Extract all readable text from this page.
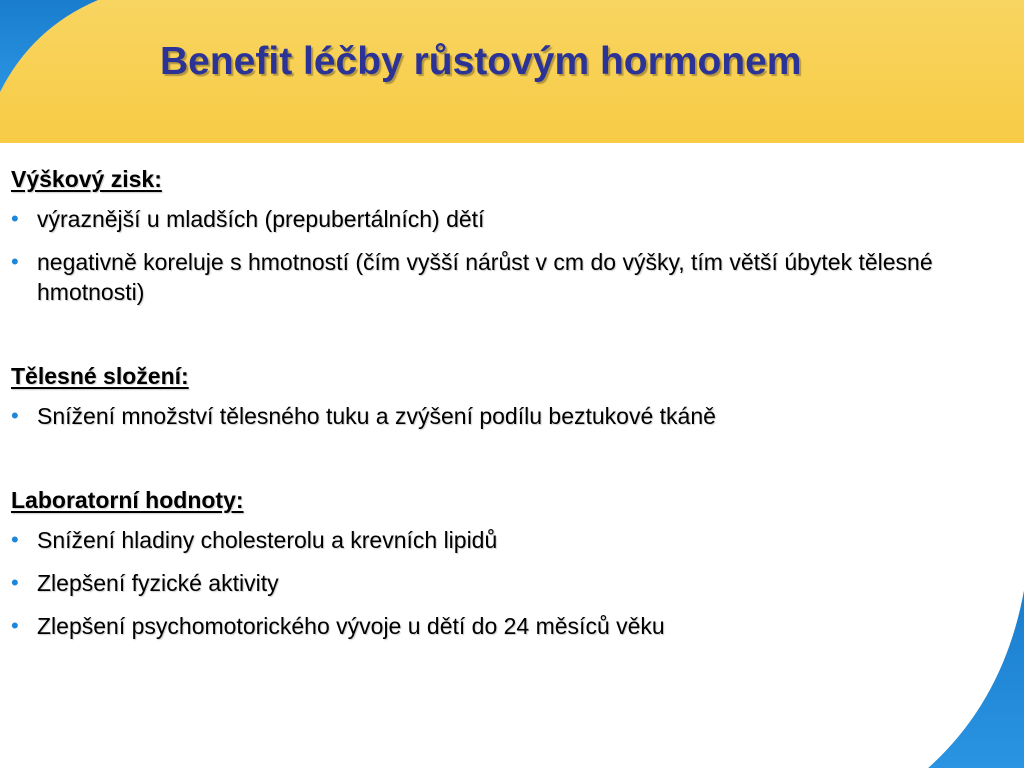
Benefit léčby růstovým hormonem
Výškový zisk:
• výraznější u mladších (prepubertálních) dětí
• negativně koreluje s hmotností (čím vyšší nárůst v cm do výšky, tím větší úbytek tělesné hmotnosti)
Tělesné složení:
• Snížení množství tělesného tuku a zvýšení podílu beztukové tkáně
Laboratorní hodnoty:
• Snížení hladiny cholesterolu a krevních lipidů
• Zlepšení fyzické aktivity
• Zlepšení psychomotorického vývoje u dětí do 24 měsíců věku
